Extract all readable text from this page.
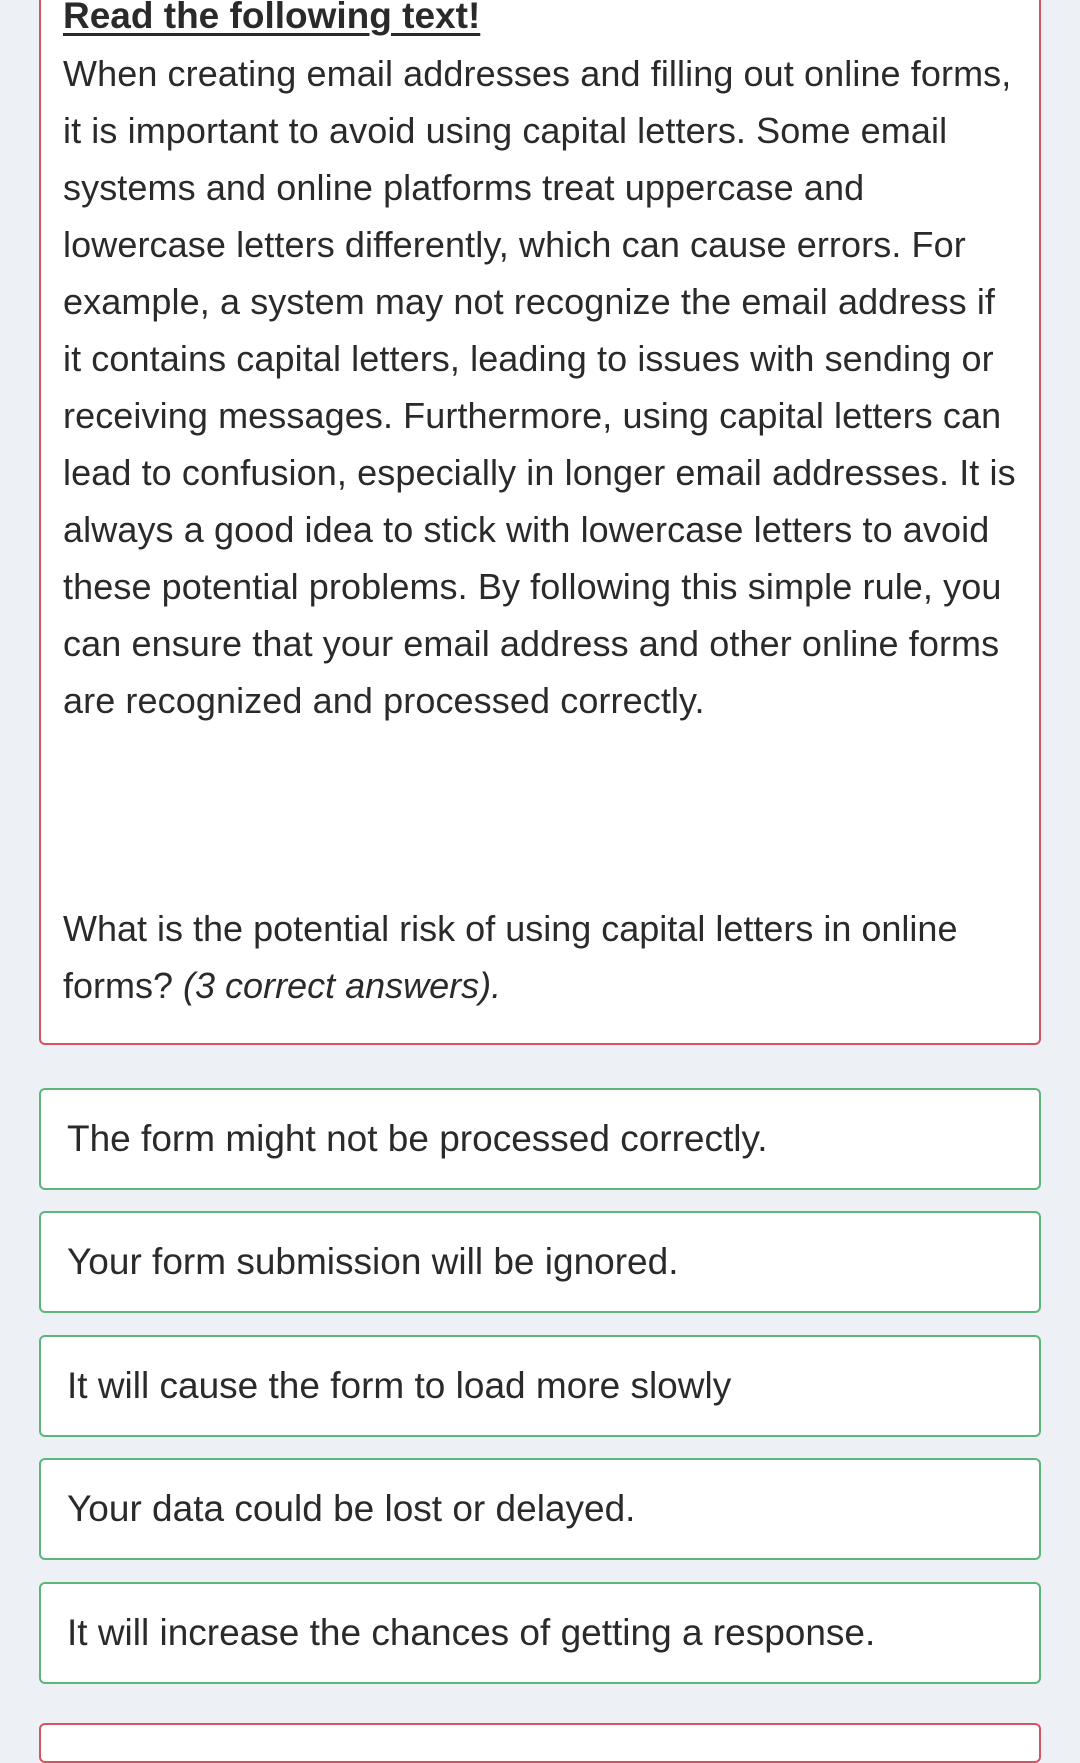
Read the following text!

When creating email addresses and filling out online forms, it is important to avoid using capital letters. Some email systems and online platforms treat uppercase and lowercase letters differently, which can cause errors. For example, a system may not recognize the email address if it contains capital letters, leading to issues with sending or receiving messages. Furthermore, using capital letters can lead to confusion, especially in longer email addresses. It is always a good idea to stick with lowercase letters to avoid these potential problems. By following this simple rule, you can ensure that your email address and other online forms are recognized and processed correctly.

What is the potential risk of using capital letters in online forms? (3 correct answers).

The form might not be processed correctly.
Your form submission will be ignored.
It will cause the form to load more slowly
Your data could be lost or delayed.
It will increase the chances of getting a response.
